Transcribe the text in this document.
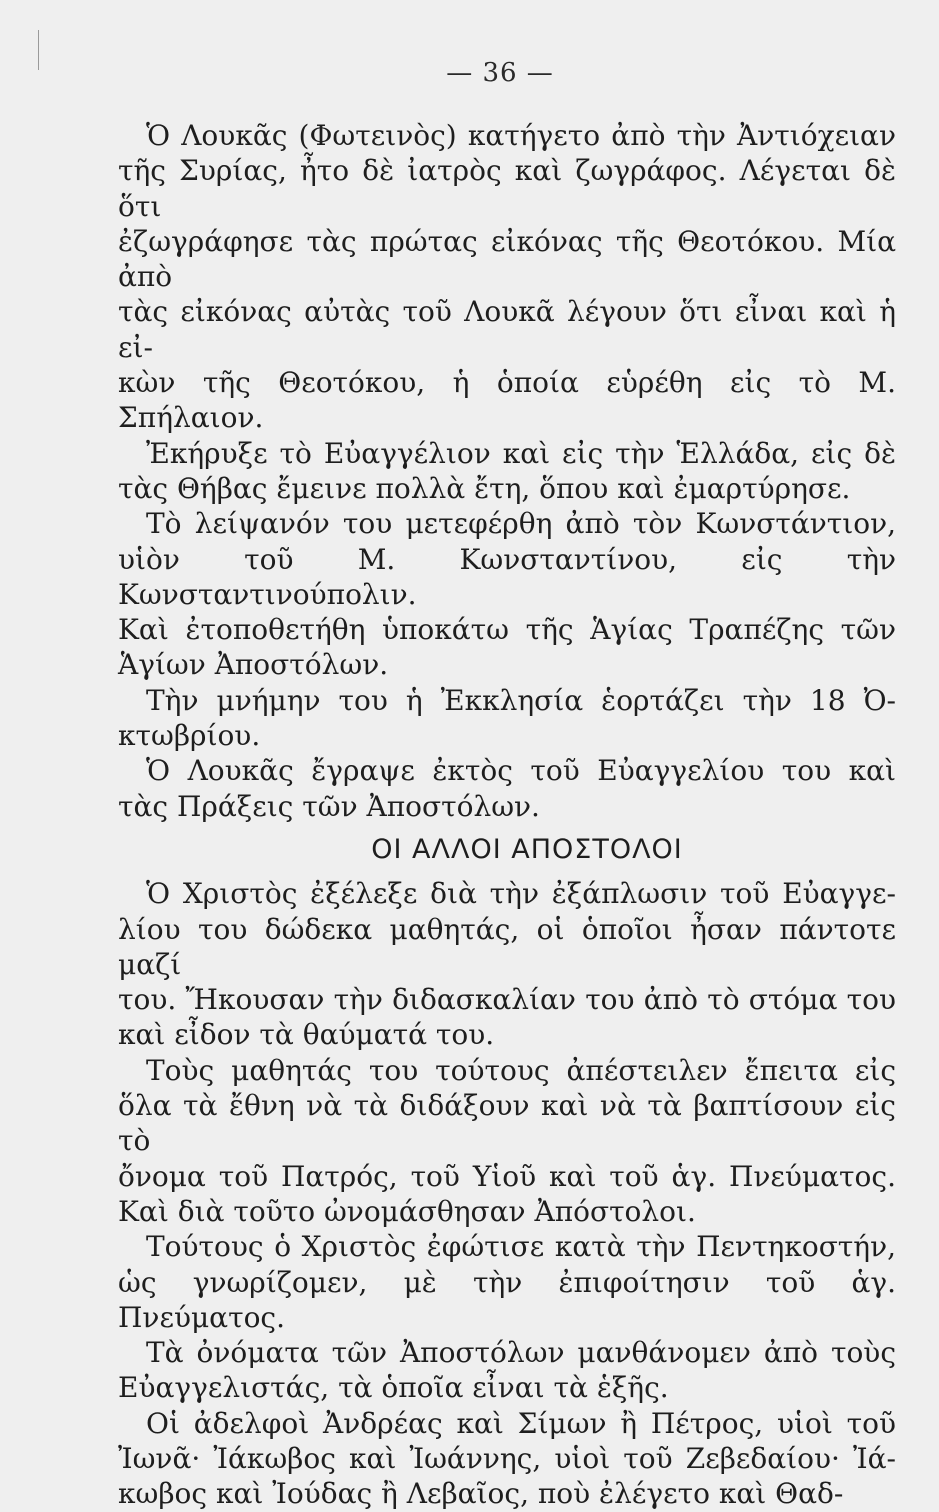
— 36 —

Ὁ Λουκᾶς (Φωτεινὸς) κατήγετο ἀπὸ τὴν Ἀντιόχειαν

τῆς Συρίας, ἦτο δὲ ἰατρὸς καὶ ζωγράφος. Λέγεται δὲ ὅτι

ἐζωγράφησε τὰς πρώτας εἰκόνας τῆς Θεοτόκου. Μία ἀπὸ

τὰς εἰκόνας αὐτὰς τοῦ Λουκᾶ λέγουν ὅτι εἶναι καὶ ἡ εἰ-

κὼν τῆς Θεοτόκου, ἡ ὁποία εὑρέθη εἰς τὸ Μ. Σπήλαιον.

Ἐκήρυξε τὸ Εὐαγγέλιον καὶ εἰς τὴν Ἑλλάδα, εἰς δὲ

τὰς Θήβας ἔμεινε πολλὰ ἔτη, ὅπου καὶ ἐμαρτύρησε.

Τὸ λείψανόν του μετεφέρθη ἀπὸ τὸν Κωνστάντιον,

υἱὸν τοῦ Μ. Κωνσταντίνου, εἰς τὴν Κωνσταντινούπολιν.

Καὶ ἐτοποθετήθη ὑποκάτω τῆς Ἁγίας Τραπέζης τῶν

Ἁγίων Ἀποστόλων.

Τὴν μνήμην του ἡ Ἐκκλησία ἑορτάζει τὴν 18 Ὀ-

κτωβρίου.

Ὁ Λουκᾶς ἔγραψε ἐκτὸς τοῦ Εὐαγγελίου του καὶ

τὰς Πράξεις τῶν Ἀποστόλων.

ΟΙ ΑΛΛΟΙ ΑΠΟΣΤΟΛΟΙ

Ὁ Χριστὸς ἐξέλεξε διὰ τὴν ἐξάπλωσιν τοῦ Εὐαγγε-

λίου του δώδεκα μαθητάς, οἱ ὁποῖοι ἦσαν πάντοτε μαζί

του. Ἤκουσαν τὴν διδασκαλίαν του ἀπὸ τὸ στόμα του

καὶ εἶδον τὰ θαύματά του.

Τοὺς μαθητάς του τούτους ἀπέστειλεν ἔπειτα εἰς

ὅλα τὰ ἔθνη νὰ τὰ διδάξουν καὶ νὰ τὰ βαπτίσουν εἰς τὸ

ὄνομα τοῦ Πατρός, τοῦ Υἱοῦ καὶ τοῦ ἁγ. Πνεύματος.

Καὶ διὰ τοῦτο ὠνομάσθησαν Ἀπόστολοι.

Τούτους ὁ Χριστὸς ἐφώτισε κατὰ τὴν Πεντηκοστήν,

ὡς γνωρίζομεν, μὲ τὴν ἐπιφοίτησιν τοῦ ἁγ. Πνεύματος.

Τὰ ὀνόματα τῶν Ἀποστόλων μανθάνομεν ἀπὸ τοὺς

Εὐαγγελιστάς, τὰ ὁποῖα εἶναι τὰ ἑξῆς.

Οἱ ἀδελφοὶ Ἀνδρέας καὶ Σίμων ἢ Πέτρος, υἱοὶ τοῦ

Ἰωνᾶ· Ἰάκωβος καὶ Ἰωάννης, υἱοὶ τοῦ Ζεβεδαίου· Ἰά-

κωβος καὶ Ἰούδας ἢ Λεβαῖος, ποὺ ἐλέγετο καὶ Θαδ-
